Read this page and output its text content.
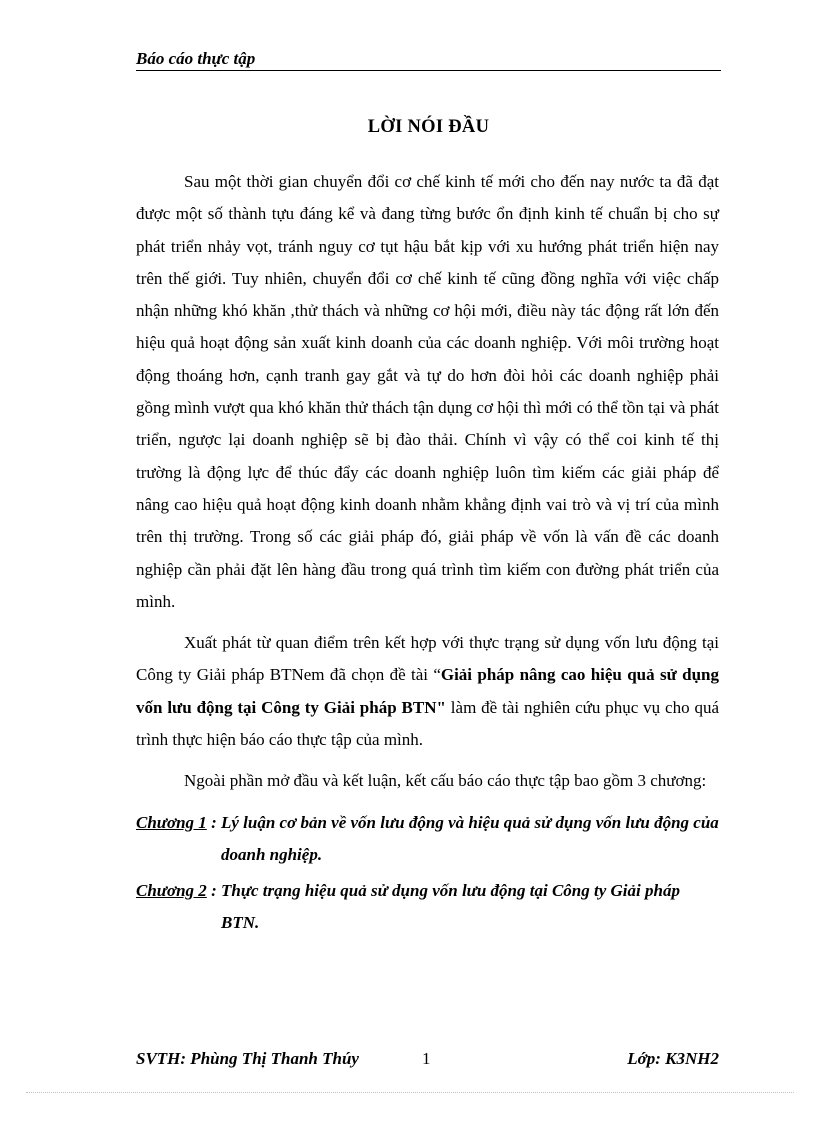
Báo cáo thực tập
LỜI NÓI ĐẦU

Sau một thời gian chuyển đổi cơ chế kinh tế mới cho đến nay nước ta đã đạt được một số thành tựu đáng kể và đang từng bước ổn định kinh tế chuẩn bị cho sự phát triển nhảy vọt, tránh nguy cơ tụt hậu bắt kịp với xu hướng phát triển hiện nay trên thế giới. Tuy nhiên, chuyển đổi cơ chế kinh tế cũng đồng nghĩa với việc chấp nhận những khó khăn ,thử thách và những cơ hội mới, điều này tác động rất lớn đến hiệu quả hoạt động sản xuất kinh doanh của các doanh nghiệp. Với môi trường hoạt động thoáng hơn, cạnh tranh gay gắt và tự do hơn đòi hỏi các doanh nghiệp phải gồng mình vượt qua khó khăn thử thách tận dụng cơ hội thì mới có thể tồn tại và phát triển, ngược lại doanh nghiệp sẽ bị đào thải. Chính vì vậy có thể coi kinh tế thị trường là động lực để thúc đẩy các doanh nghiệp luôn tìm kiếm các giải pháp để nâng cao hiệu quả hoạt động kinh doanh nhằm khẳng định vai trò và vị trí của mình trên thị trường. Trong số các giải pháp đó, giải pháp về vốn là vấn đề các doanh nghiệp cần phải đặt lên hàng đầu trong quá trình tìm kiếm con đường phát triển của mình.

Xuất phát từ quan điểm trên kết hợp với thực trạng sử dụng vốn lưu động tại Công ty Giải pháp BTNem đã chọn đề tài “Giải pháp nâng cao hiệu quả sử dụng vốn lưu động tại Công ty Giải pháp BTN" làm đề tài nghiên cứu phục vụ cho quá trình thực hiện báo cáo thực tập của mình.

Ngoài phần mở đầu và kết luận, kết cấu báo cáo thực tập bao gồm 3 chương:

Chương 1 : Lý luận cơ bản về vốn lưu động và hiệu quả sử dụng vốn lưu động của doanh nghiệp.
Chương 2 : Thực trạng hiệu quả sử dụng vốn lưu động tại Công ty Giải pháp BTN.
SVTH: Phùng Thị Thanh Thúy	1	Lớp: K3NH2
